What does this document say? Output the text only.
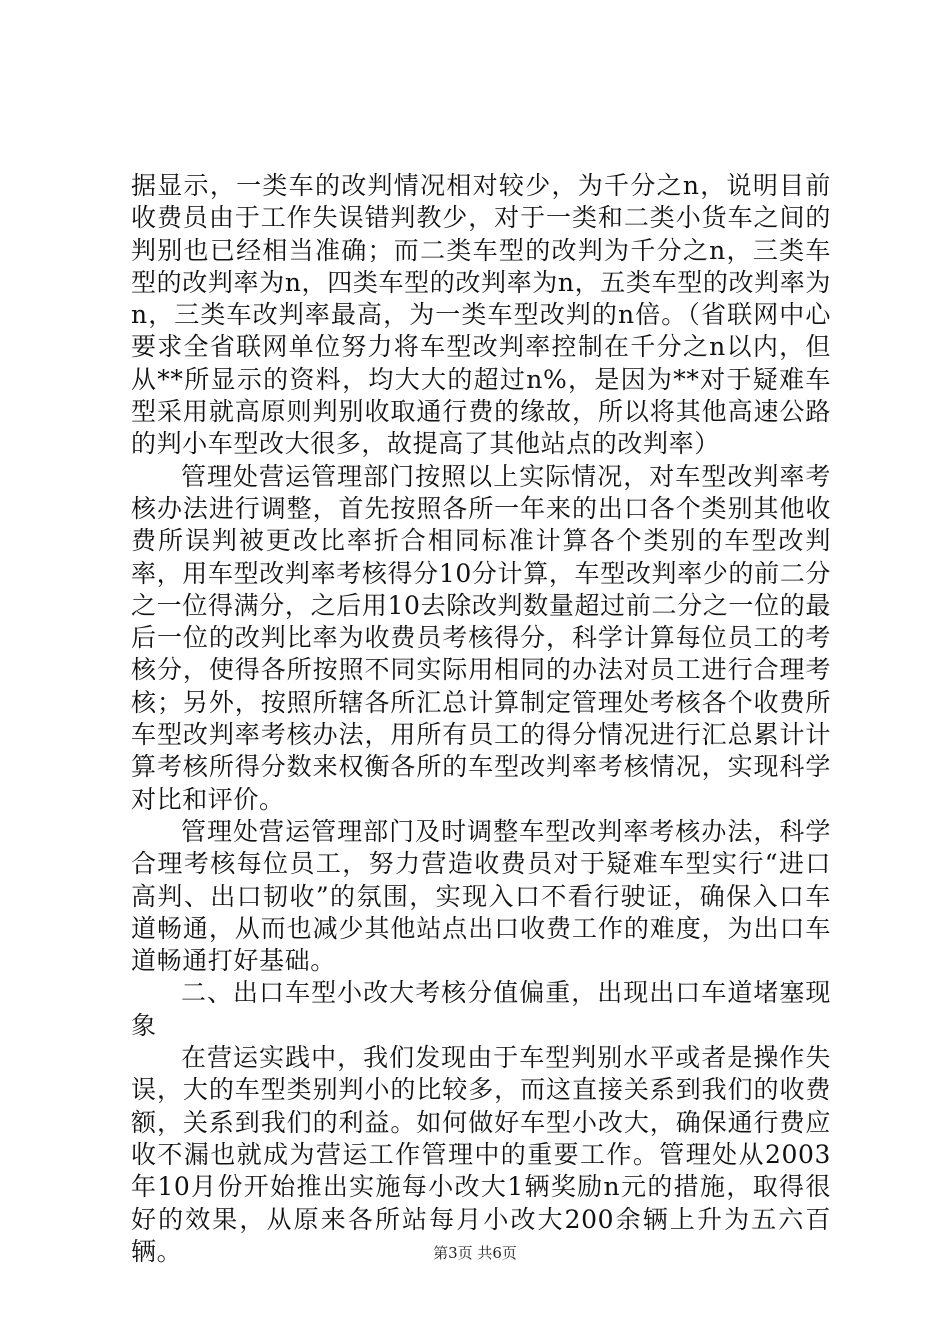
据显示，一类车的改判情况相对较少，为千分之n，说明目前收费员由于工作失误错判教少，对于一类和二类小货车之间的判别也已经相当准确；而二类车型的改判为千分之n，三类车型的改判率为n，四类车型的改判率为n，五类车型的改判率为n，三类车改判率最高，为一类车型改判的n倍。（省联网中心要求全省联网单位努力将车型改判率控制在千分之n以内，但从**所显示的资料，均大大的超过n%，是因为**对于疑难车型采用就高原则判别收取通行费的缘故，所以将其他高速公路的判小车型改大很多，故提高了其他站点的改判率）

管理处营运管理部门按照以上实际情况，对车型改判率考核办法进行调整，首先按照各所一年来的出口各个类别其他收费所误判被更改比率折合相同标准计算各个类别的车型改判率，用车型改判率考核得分10分计算，车型改判率少的前二分之一位得满分，之后用10去除改判数量超过前二分之一位的最后一位的改判比率为收费员考核得分，科学计算每位员工的考核分，使得各所按照不同实际用相同的办法对员工进行合理考核；另外，按照所辖各所汇总计算制定管理处考核各个收费所车型改判率考核办法，用所有员工的得分情况进行汇总累计计算考核所得分数来权衡各所的车型改判率考核情况，实现科学对比和评价。

管理处营运管理部门及时调整车型改判率考核办法，科学合理考核每位员工，努力营造收费员对于疑难车型实行“进口高判、出口韧收”的氛围，实现入口不看行驶证，确保入口车道畅通，从而也减少其他站点出口收费工作的难度，为出口车道畅通打好基础。

二、出口车型小改大考核分值偏重，出现出口车道堵塞现象

在营运实践中，我们发现由于车型判别水平或者是操作失误，大的车型类别判小的比较多，而这直接关系到我们的收费额，关系到我们的利益。如何做好车型小改大，确保通行费应收不漏也就成为营运工作管理中的重要工作。管理处从2003年10月份开始推出实施每小改大1辆奖励n元的措施，取得很好的效果，从原来各所站每月小改大200余辆上升为五六百辆。	第3页 共6页
